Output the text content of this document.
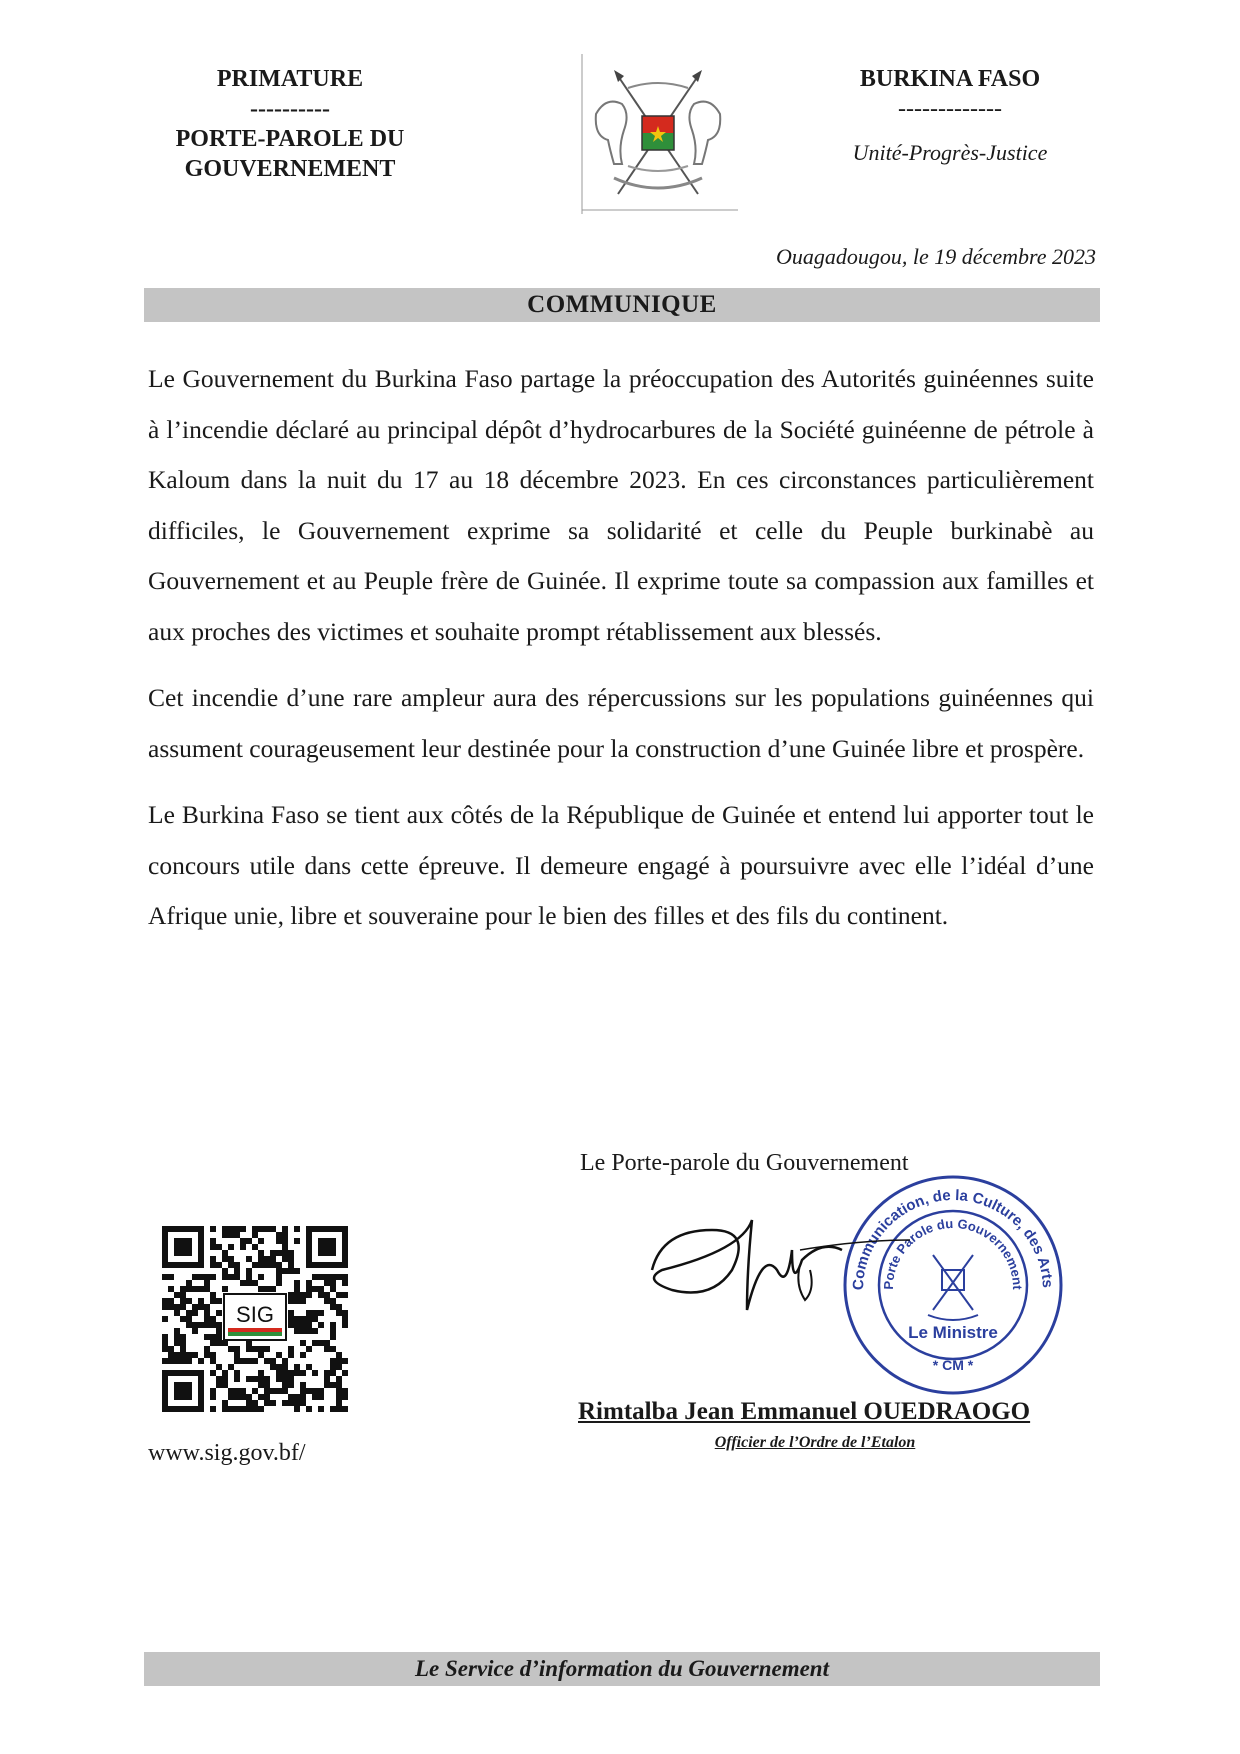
PRIMATURE
----------
PORTE-PAROLE DU
GOUVERNEMENT
BURKINA FASO
-------------
Unité-Progrès-Justice
Ouagadougou, le 19 décembre 2023
COMMUNIQUE

Le Gouvernement du Burkina Faso partage la préoccupation des Autorités guinéennes suite à l’incendie déclaré au principal dépôt d’hydrocarbures de la Société guinéenne de pétrole à Kaloum dans la nuit du 17 au 18 décembre 2023. En ces circonstances particulièrement difficiles, le Gouvernement exprime sa solidarité et celle du Peuple burkinabè au Gouvernement et au Peuple frère de Guinée. Il exprime toute sa compassion aux familles et aux proches des victimes et souhaite prompt rétablissement aux blessés.

Cet incendie d’une rare ampleur aura des répercussions sur les populations guinéennes qui assument courageusement leur destinée pour la construction d’une Guinée libre et prospère.

Le Burkina Faso se tient aux côtés de la République de Guinée et entend lui apporter tout le concours utile dans cette épreuve. Il demeure engagé à poursuivre avec elle l’idéal d’une Afrique unie, libre et souveraine pour le bien des filles et des fils du continent.

SIG
www.sig.gov.bf/
Le Porte-parole du Gouvernement
Communication, de la Culture, des Arts
Porte Parole du Gouvernement
Le Ministre
* CM *
Rimtalba Jean Emmanuel OUEDRAOGO
Officier de l’Ordre de l’Etalon
Le Service d’information du Gouvernement
